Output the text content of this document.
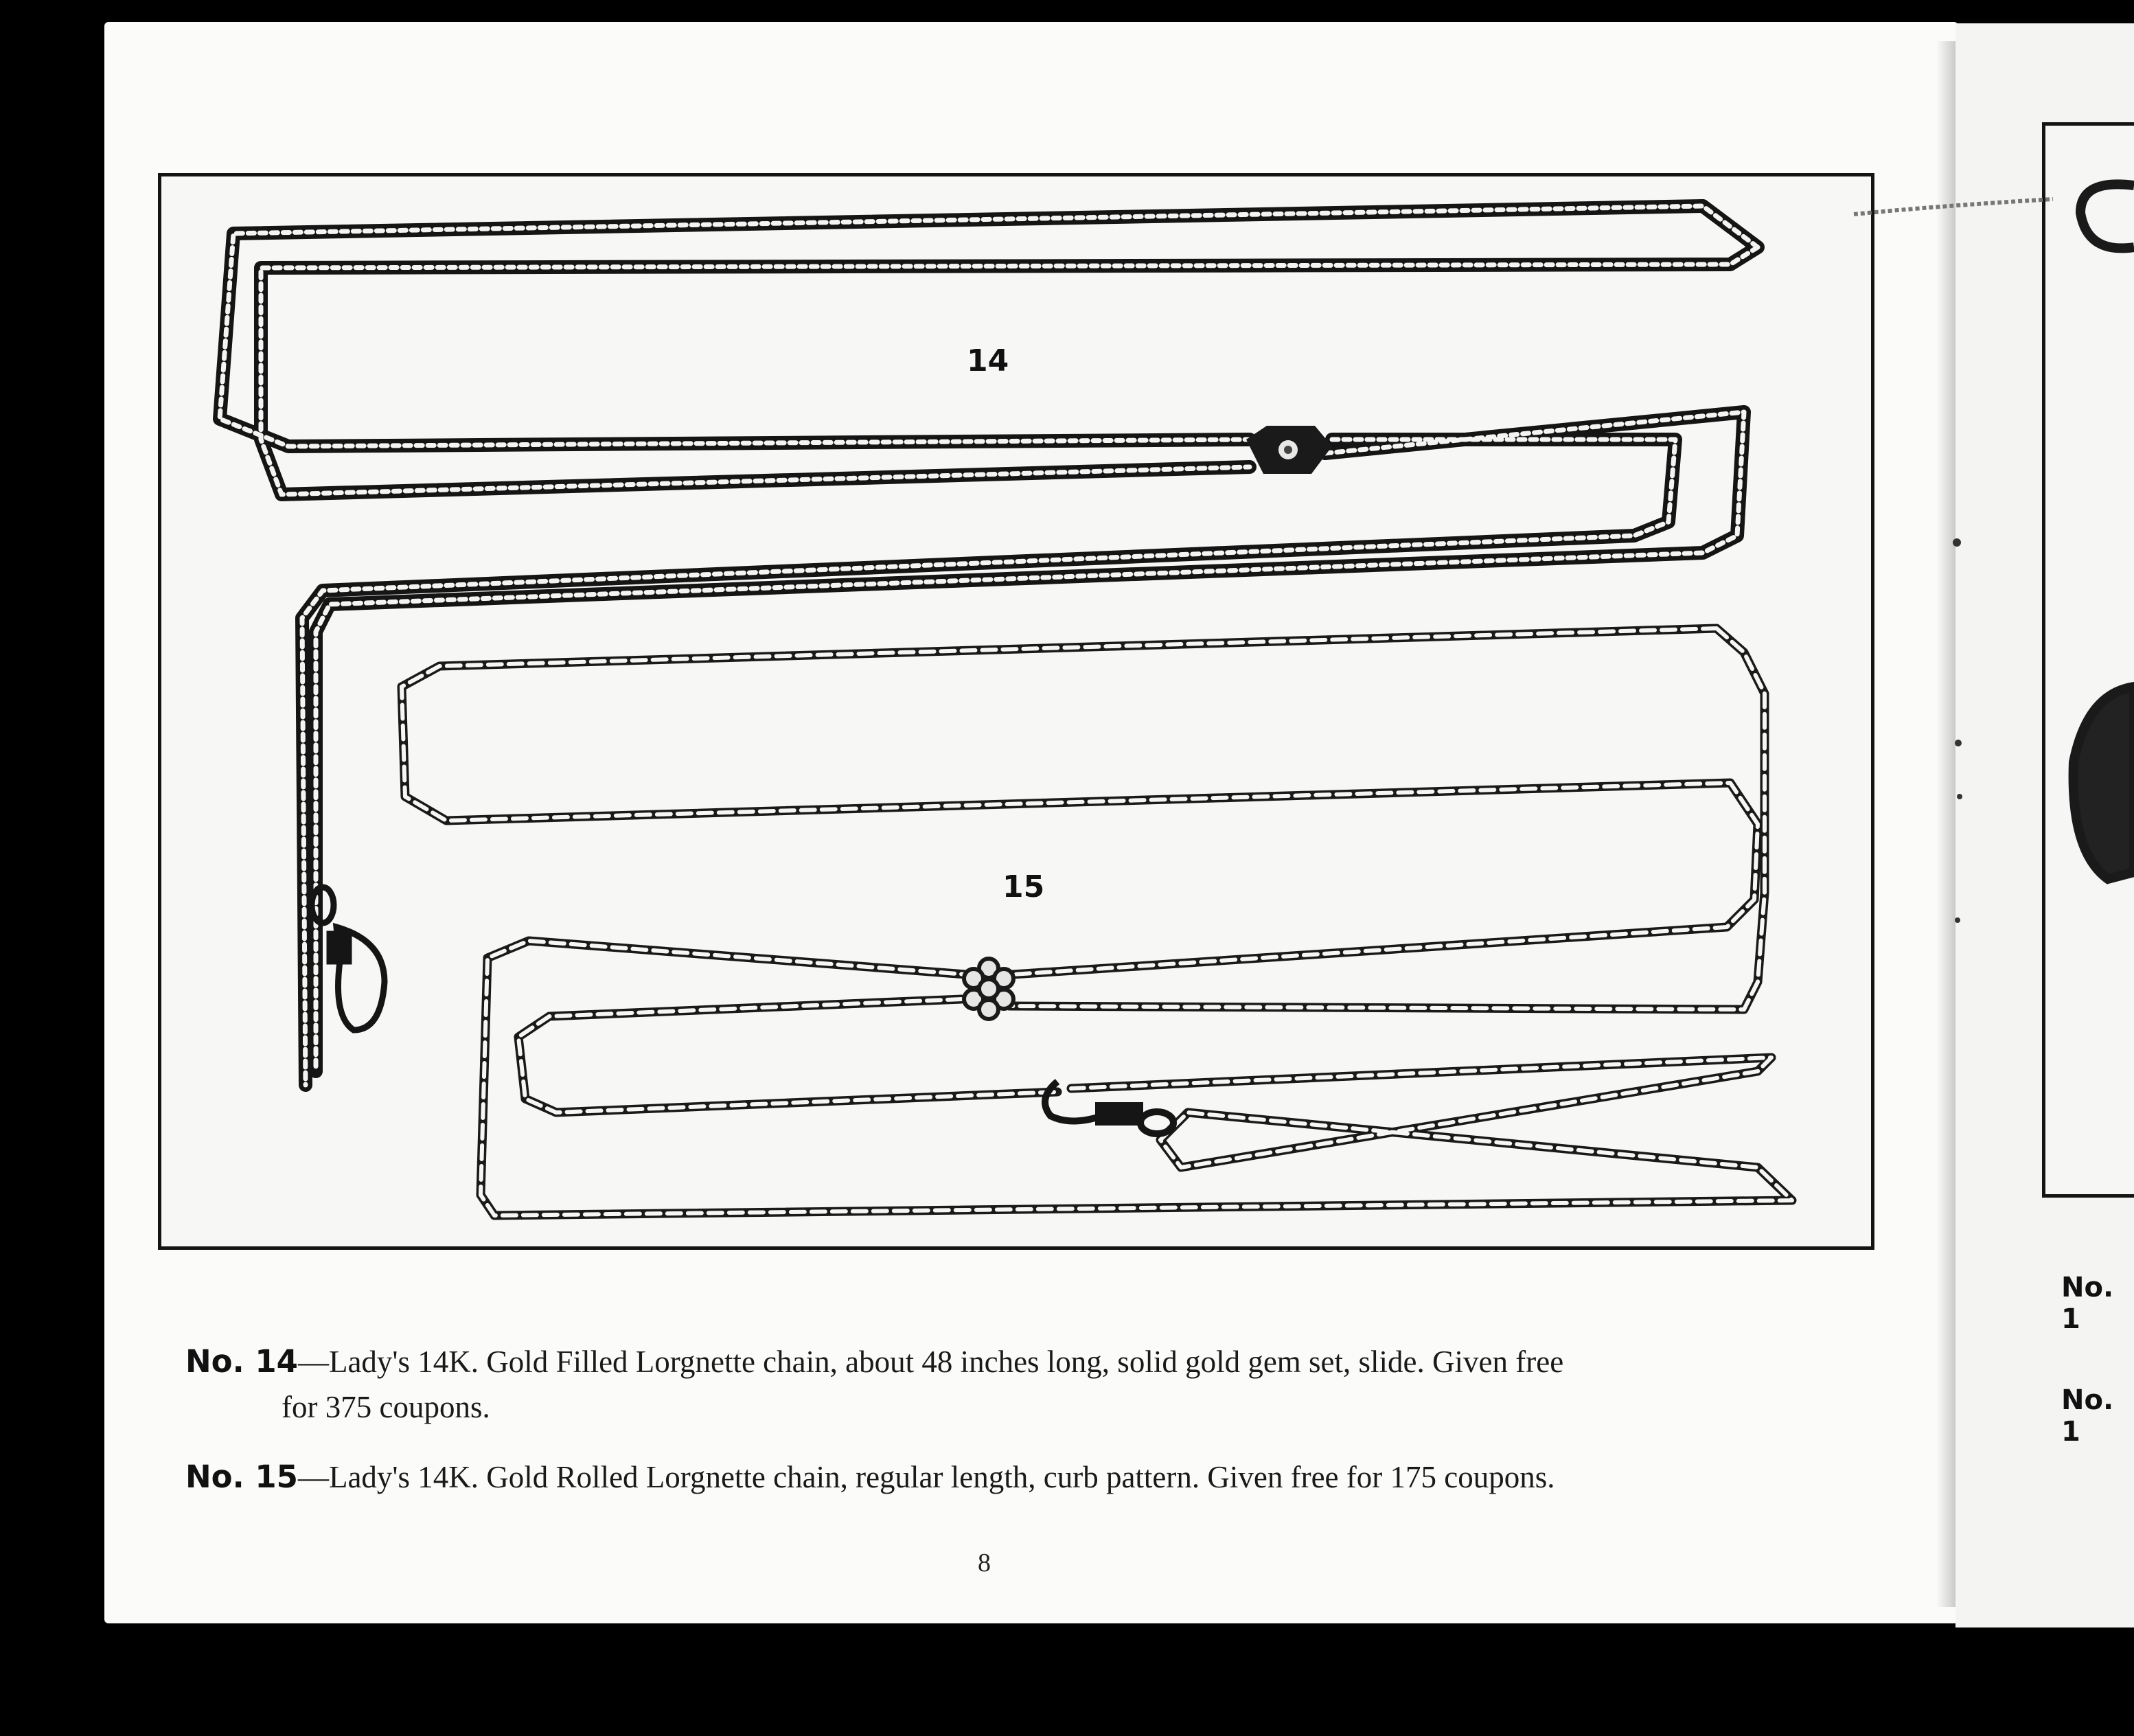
14
15
No. 14—Lady's 14K. Gold Filled Lorgnette chain, about 48 inches long, solid gold gem set, slide. Given free
for 375 coupons.
No. 15—Lady's 14K. Gold Rolled Lorgnette chain, regular length, curb pattern. Given free for 175 coupons.
8
No. 1
No. 1
